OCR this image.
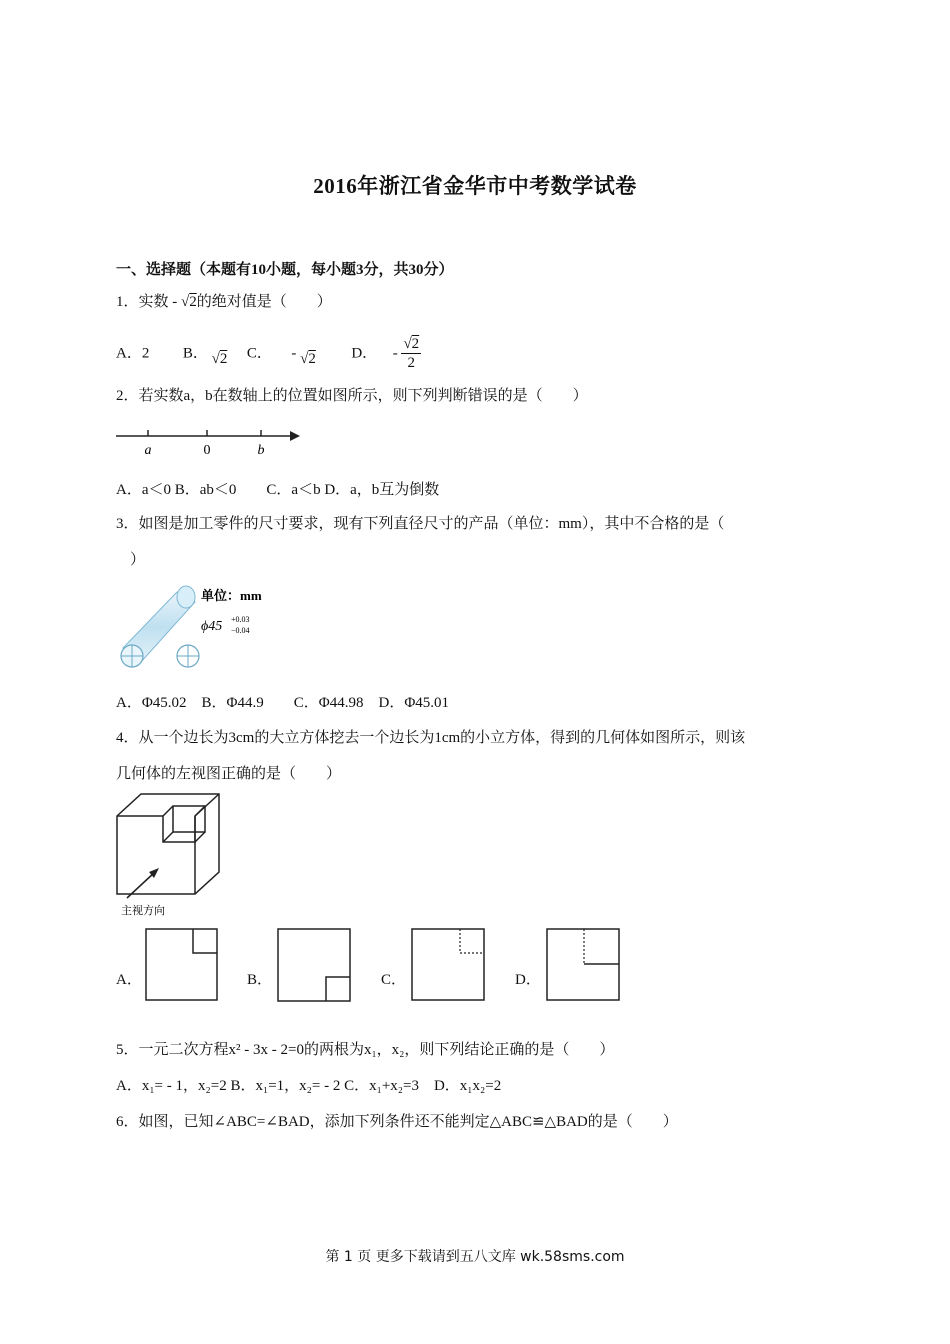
2016年浙江省金华市中考数学试卷
一、选择题（本题有10小题，每小题3分，共30分）
1．实数 - √2的绝对值是（　　）
A．2 B． √2 C． - √2 D． - $\frac{√2}{2}$
2．若实数a，b在数轴上的位置如图所示，则下列判断错误的是（　　）
a	0	b
A．a＜0 B．ab＜0　　C．a＜b D．a，b互为倒数
3．如图是加工零件的尺寸要求，现有下列直径尺寸的产品（单位：mm），其中不合格的是（
）
单位：mm
ϕ45 +0.03
−0.04
A．Φ45.02　B．Φ44.9　　C．Φ44.98　D．Φ45.01
4．从一个边长为3cm的大立方体挖去一个边长为1cm的小立方体，得到的几何体如图所示，则该
几何体的左视图正确的是（　　）
主视方向
A．	B．	C．	D．
5．一元二次方程x² ‑ 3x ‑ 2=0的两根为x₁，x₂，则下列结论正确的是（　　）
A．x₁= ‑ 1，x₂=2 B．x₁=1，x₂= ‑ 2 C．x₁+x₂=3　D．x₁x₂=2
6．如图，已知∠ABC=∠BAD，添加下列条件还不能判定△ABC≌△BAD的是（　　）
第 1 页 更多下载请到五八文库 wk.58sms.com
